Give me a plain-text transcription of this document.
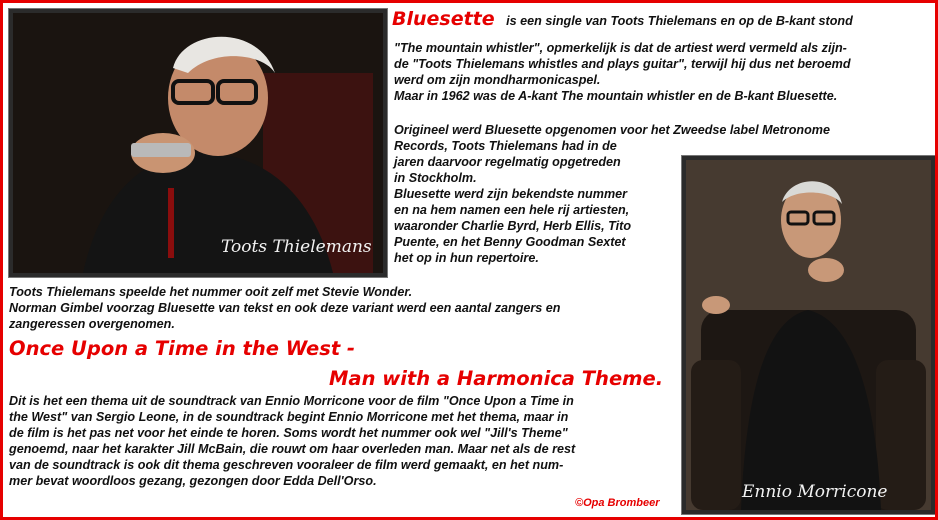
Toots Thielemans
Ennio Morricone
Bluesette is een single van Toots Thielemans en op de B-kant stond

"The mountain whistler", opmerkelijk is dat de artiest werd vermeld als zijn-

de "Toots Thielemans whistles and plays guitar", terwijl hij dus net beroemd

werd om zijn mondharmonicaspel.

Maar in 1962 was de A-kant The mountain whistler en de B-kant Bluesette.

Origineel werd Bluesette opgenomen voor het Zweedse label Metronome

Records, Toots Thielemans had in de

jaren daarvoor regelmatig opgetreden

in Stockholm.

Bluesette werd zijn bekendste nummer

en na hem namen een hele rij artiesten,

waaronder Charlie Byrd, Herb Ellis, Tito

Puente, en het Benny Goodman Sextet

het op in hun repertoire.

Toots Thielemans speelde het nummer ooit zelf met Stevie Wonder.

Norman Gimbel voorzag Bluesette van tekst en ook deze variant werd een aantal zangers en

zangeressen overgenomen.

Once Upon a Time in the West -
Man with a Harmonica Theme.

Dit is het een thema uit de soundtrack van Ennio Morricone voor de film "Once Upon a Time in

the West" van Sergio Leone, in de soundtrack begint Ennio Morricone met het thema, maar in

de film is het pas net voor het einde te horen. Soms wordt het nummer ook wel "Jill's Theme"

genoemd, naar het karakter Jill McBain, die rouwt om haar overleden man. Maar net als de rest

van de soundtrack is ook dit thema geschreven vooraleer de film werd gemaakt, en het num-

mer bevat woordloos gezang, gezongen door Edda Dell'Orso.

©Opa Brombeer
